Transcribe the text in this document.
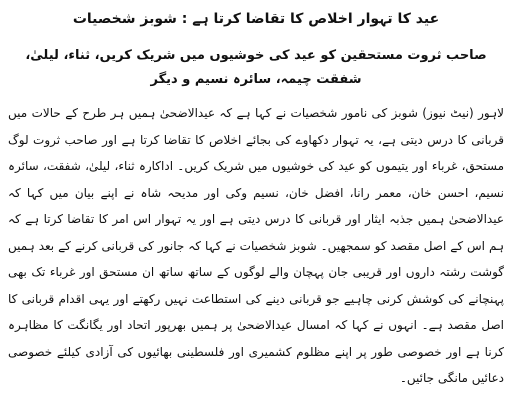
عید کا تہوار اخلاص کا تقاضا کرتا ہے : شوبز شخصیات
صاحب ثروت مستحقین کو عید کی خوشیوں میں شریک کریں، ثناء، لیلیٰ، شفقت چیمہ، سائرہ نسیم و دیگر

لاہور (نیٹ نیوز) شوبز کی نامور شخصیات نے کہا ہے کہ عیدالاضحیٰ ہمیں ہر طرح کے حالات میں قربانی کا درس دیتی ہے، یہ تہوار دکھاوے کی بجائے اخلاص کا تقاضا کرتا ہے اور صاحب ثروت لوگ مستحق، غرباء اور یتیموں کو عید کی خوشیوں میں شریک کریں۔ اداکارہ ثناء، لیلیٰ، شفقت، سائرہ نسیم، احسن خان، معمر رانا، افضل خان، نسیم وکی اور مدیحہ شاہ نے اپنے بیان میں کہا کہ عیدالاضحیٰ ہمیں جذبہ ایثار اور قربانی کا درس دیتی ہے اور یہ تہوار اس امر کا تقاضا کرتا ہے کہ ہم اس کے اصل مقصد کو سمجھیں۔ شوبز شخصیات نے کہا کہ جانور کی قربانی کرنے کے بعد ہمیں گوشت رشتہ داروں اور قریبی جان پہچان والے لوگوں کے ساتھ ساتھ ان مستحق اور غرباء تک بھی پہنچانے کی کوشش کرنی چاہیے جو قربانی دینے کی استطاعت نہیں رکھتے اور یہی اقدام قربانی کا اصل مقصد ہے۔ انہوں نے کہا کہ امسال عیدالاضحیٰ پر ہمیں بھرپور اتحاد اور یگانگت کا مظاہرہ کرنا ہے اور خصوصی طور پر اپنے مظلوم کشمیری اور فلسطینی بھائیوں کی آزادی کیلئے خصوصی دعائیں مانگی جائیں۔
